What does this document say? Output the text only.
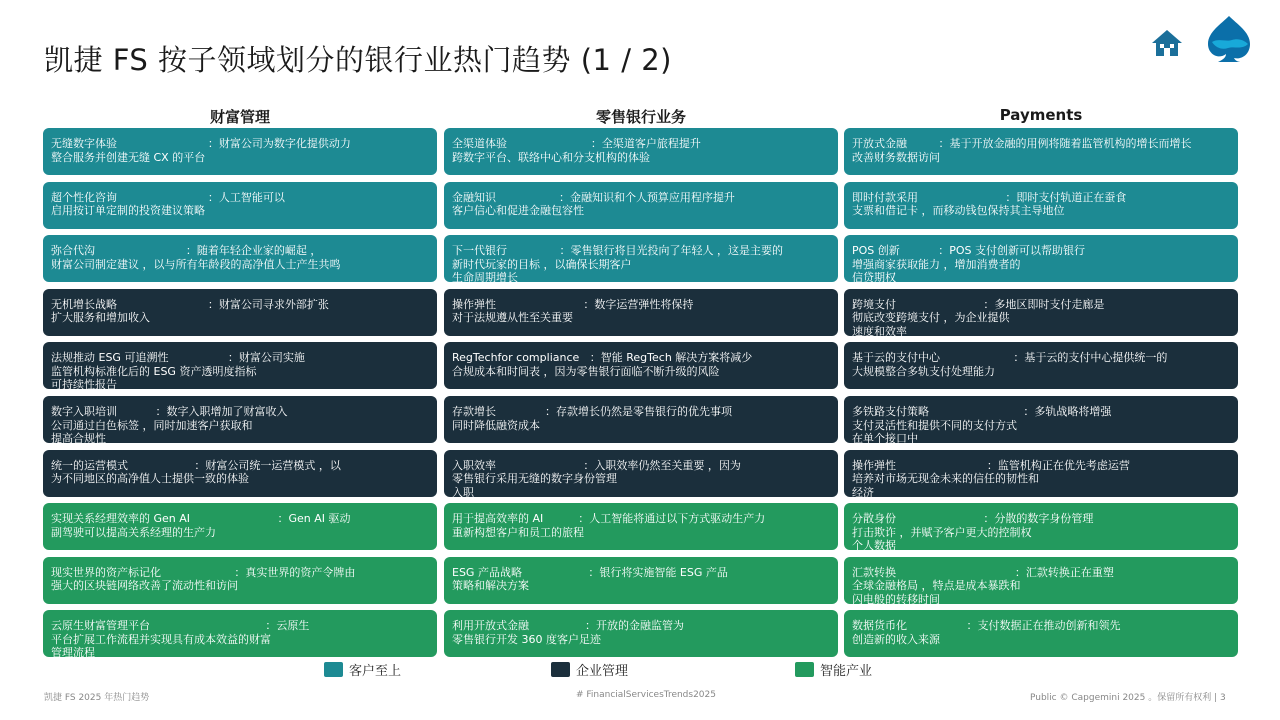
凯捷 FS 按子领域划分的银行业热门趋势 (1 / 2)
财富管理
无缝数字体验                          ：财富公司为数字化提供动力
整合服务并创建无缝 CX 的平台
超个性化咨询                          ：人工智能可以
启用按订单定制的投资建议策略
弥合代沟                          ：随着年轻企业家的崛起 ，
财富公司制定建议 ，以与所有年龄段的高净值人士产生共鸣
无机增长战略                          ：财富公司寻求外部扩张
扩大服务和增加收入
法规推动 ESG 可追溯性                 ：财富公司实施
监管机构标准化后的 ESG 资产透明度指标
可持续性报告
数字入职培训           ：数字入职增加了财富收入
公司通过白色标签 ，同时加速客户获取和
提高合规性
统一的运营模式                   ：财富公司统一运营模式 ，以
为不同地区的高净值人士提供一致的体验
实现关系经理效率的 Gen AI                         ：Gen AI 驱动
副驾驶可以提高关系经理的生产力
现实世界的资产标记化                     ：真实世界的资产令牌由
强大的区块链网络改善了流动性和访问
云原生财富管理平台                                 ：云原生
平台扩展工作流程并实现具有成本效益的财富
管理流程
零售银行业务
全渠道体验                        ：全渠道客户旅程提升
跨数字平台、联络中心和分支机构的体验
金融知识                  ：金融知识和个人预算应用程序提升
客户信心和促进金融包容性
下一代银行               ：零售银行将目光投向了年轻人 ，这是主要的
新时代玩家的目标 ，以确保长期客户
生命周期增长
操作弹性                         ：数字运营弹性将保持
对于法规遵从性至关重要
RegTechfor compliance   ：智能 RegTech 解决方案将减少
合规成本和时间表 ，因为零售银行面临不断升级的风险
存款增长              ：存款增长仍然是零售银行的优先事项
同时降低融资成本
入职效率                         ：入职效率仍然至关重要 ，因为
零售银行采用无缝的数字身份管理
入职
用于提高效率的 AI          ：人工智能将通过以下方式驱动生产力
重新构想客户和员工的旅程
ESG 产品战略                   ：银行将实施智能 ESG 产品
策略和解决方案
利用开放式金融                ：开放的金融监管为
零售银行开发 360 度客户足迹
Payments
开放式金融         ：基于开放金融的用例将随着监管机构的增长而增长
改善财务数据访问
即时付款采用                         ：即时支付轨道正在蚕食
支票和借记卡 ，而移动钱包保持其主导地位
POS 创新           ：POS 支付创新可以帮助银行
增强商家获取能力 ，增加消费者的
信贷期权
跨境支付                         ：多地区即时支付走廊是
彻底改变跨境支付 ，为企业提供
速度和效率
基于云的支付中心                     ：基于云的支付中心提供统一的
大规模整合多轨支付处理能力
多铁路支付策略                           ：多轨战略将增强
支付灵活性和提供不同的支付方式
在单个接口中
操作弹性                          ：监管机构正在优先考虑运营
培养对市场无现金未来的信任的韧性和
经济
分散身份                         ：分散的数字身份管理
打击欺诈 ，并赋予客户更大的控制权
个人数据
汇款转换                                  ：汇款转换正在重塑
全球金融格局 ，特点是成本暴跌和
闪电般的转移时间
数据货币化                 ：支付数据正在推动创新和领先
创造新的收入来源
客户至上	企业管理	智能产业
凯捷 FS 2025 年热门趋势	# FinancialServicesTrends2025	Public © Capgemini 2025 。保留所有权利 | 3
